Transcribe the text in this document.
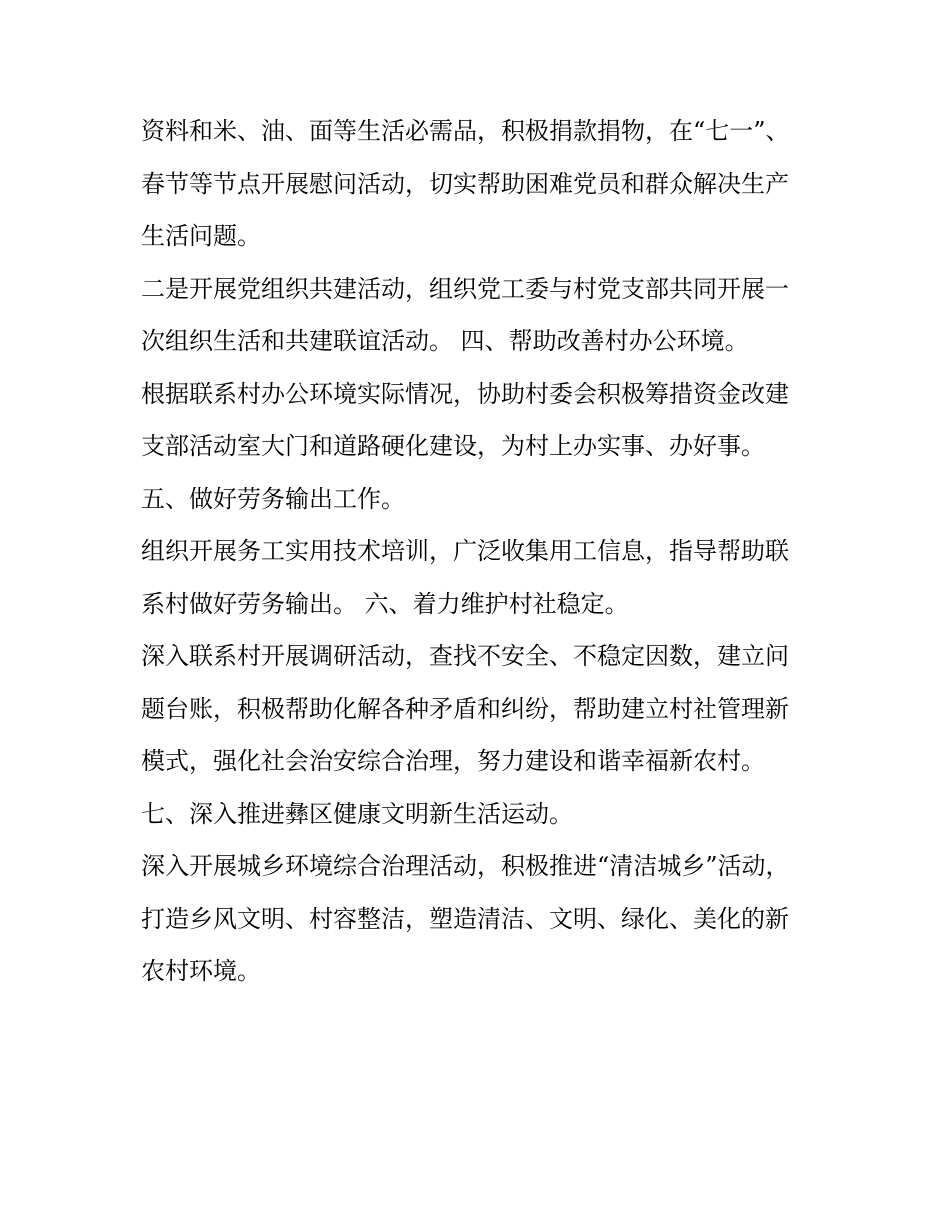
资料和米、油、面等生活必需品，积极捐款捐物，在“七一”、
春节等节点开展慰问活动，切实帮助困难党员和群众解决生产
生活问题。
二是开展党组织共建活动，组织党工委与村党支部共同开展一
次组织生活和共建联谊活动。 四、帮助改善村办公环境。
根据联系村办公环境实际情况，协助村委会积极筹措资金改建
支部活动室大门和道路硬化建设，为村上办实事、办好事。
五、做好劳务输出工作。
组织开展务工实用技术培训，广泛收集用工信息，指导帮助联
系村做好劳务输出。 六、着力维护村社稳定。
深入联系村开展调研活动，查找不安全、不稳定因数，建立问
题台账，积极帮助化解各种矛盾和纠纷，帮助建立村社管理新
模式，强化社会治安综合治理，努力建设和谐幸福新农村。
七、深入推进彝区健康文明新生活运动。
深入开展城乡环境综合治理活动，积极推进“清洁城乡”活动，
打造乡风文明、村容整洁，塑造清洁、文明、绿化、美化的新
农村环境。
